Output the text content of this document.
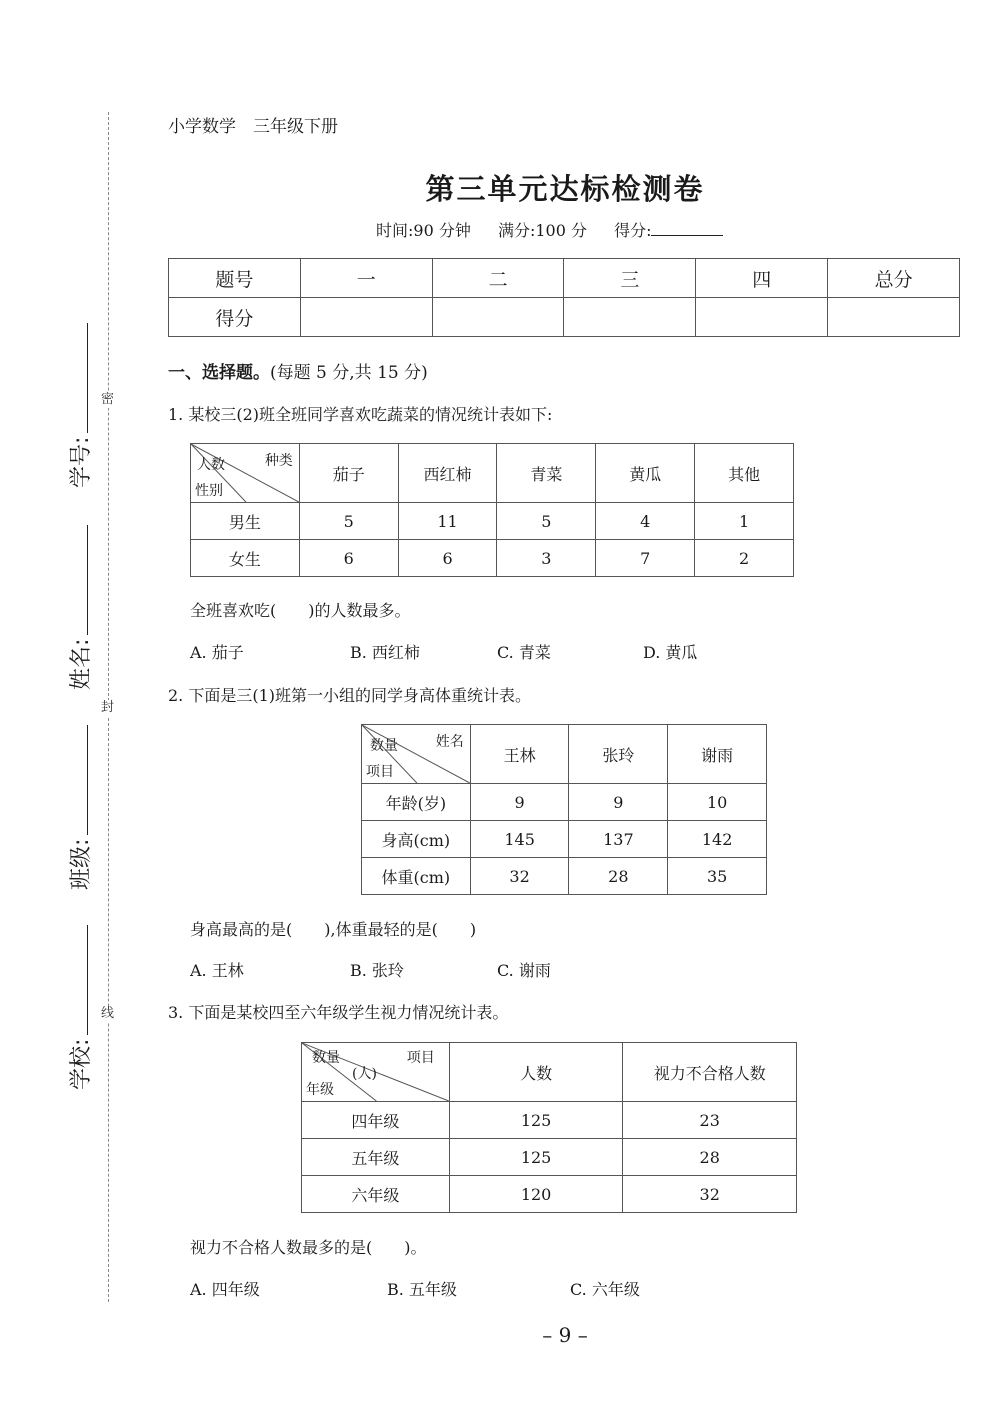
密
封
线
学号:
姓名:
班级:
学校:
小学数学　三年级下册
第三单元达标检测卷
时间:90 分钟 满分:100 分 得分:
题号	一	二	三	四	总分
得分					
一、选择题。(每题 5 分,共 15 分)
1. 某校三(2)班全班同学喜欢吃蔬菜的情况统计表如下:
种类
人数
性别	茄子	西红柿	青菜	黄瓜	其他
男生	5	11	5	4	1
女生	6	6	3	7	2
全班喜欢吃(　　)的人数最多。
A. 茄子	B. 西红柿	C. 青菜	D. 黄瓜
2. 下面是三(1)班第一小组的同学身高体重统计表。
姓名
数量
项目	王林	张玲	谢雨
年龄(岁)	9	9	10
身高(cm)	145	137	142
体重(cm)	32	28	35
身高最高的是(　　),体重最轻的是(　　)
A. 王林	B. 张玲	C. 谢雨
3. 下面是某校四至六年级学生视力情况统计表。
项目
数量
(人)
年级	人数	视力不合格人数
四年级	125	23
五年级	125	28
六年级	120	32
视力不合格人数最多的是(　　)。
A. 四年级	B. 五年级	C. 六年级
– 9 –
